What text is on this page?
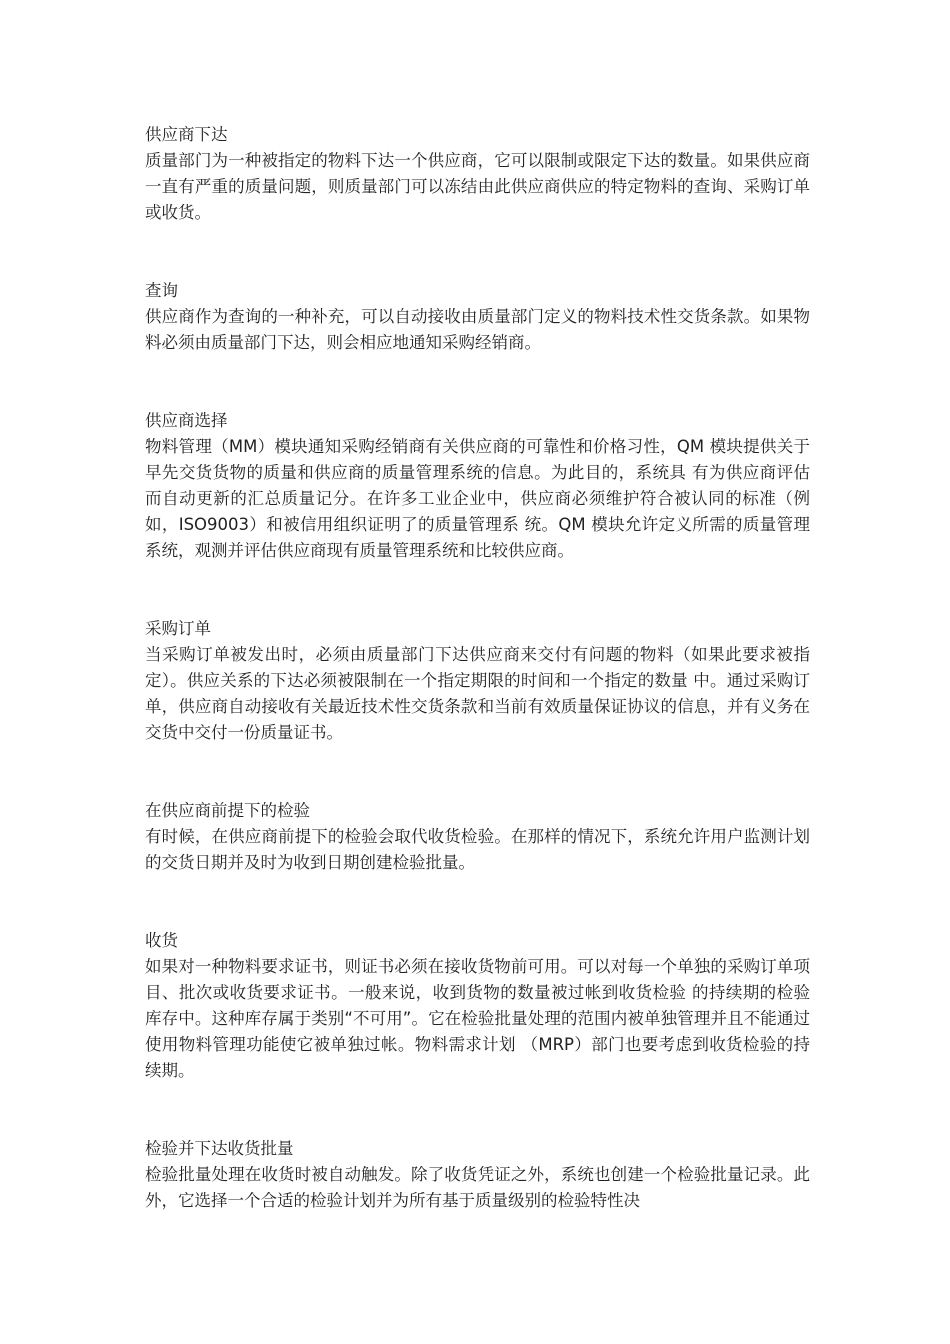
供应商下达

质量部门为一种被指定的物料下达一个供应商，它可以限制或限定下达的数量。如果供应商一直有严重的质量问题，则质量部门可以冻结由此供应商供应的特定物料的查询、采购订单或收货。

查询

供应商作为查询的一种补充，可以自动接收由质量部门定义的物料技术性交货条款。如果物料必须由质量部门下达，则会相应地通知采购经销商。

供应商选择

物料管理（MM）模块通知采购经销商有关供应商的可靠性和价格习性，QM 模块提供关于早先交货货物的质量和供应商的质量管理系统的信息。为此目的，系统具 有为供应商评估而自动更新的汇总质量记分。在许多工业企业中，供应商必须维护符合被认同的标准（例如，ISO9003）和被信用组织证明了的质量管理系 统。QM 模块允许定义所需的质量管理系统，观测并评估供应商现有质量管理系统和比较供应商。

采购订单

当采购订单被发出时，必须由质量部门下达供应商来交付有问题的物料（如果此要求被指定）。供应关系的下达必须被限制在一个指定期限的时间和一个指定的数量 中。通过采购订单，供应商自动接收有关最近技术性交货条款和当前有效质量保证协议的信息，并有义务在交货中交付一份质量证书。

在供应商前提下的检验

有时候，在供应商前提下的检验会取代收货检验。在那样的情况下，系统允许用户监测计划的交货日期并及时为收到日期创建检验批量。

收货

如果对一种物料要求证书，则证书必须在接收货物前可用。可以对每一个单独的采购订单项目、批次或收货要求证书。一般来说，收到货物的数量被过帐到收货检验 的持续期的检验库存中。这种库存属于类别“不可用”。它在检验批量处理的范围内被单独管理并且不能通过使用物料管理功能使它被单独过帐。物料需求计划 （MRP）部门也要考虑到收货检验的持续期。

检验并下达收货批量

检验批量处理在收货时被自动触发。除了收货凭证之外，系统也创建一个检验批量记录。此外，它选择一个合适的检验计划并为所有基于质量级别的检验特性决
